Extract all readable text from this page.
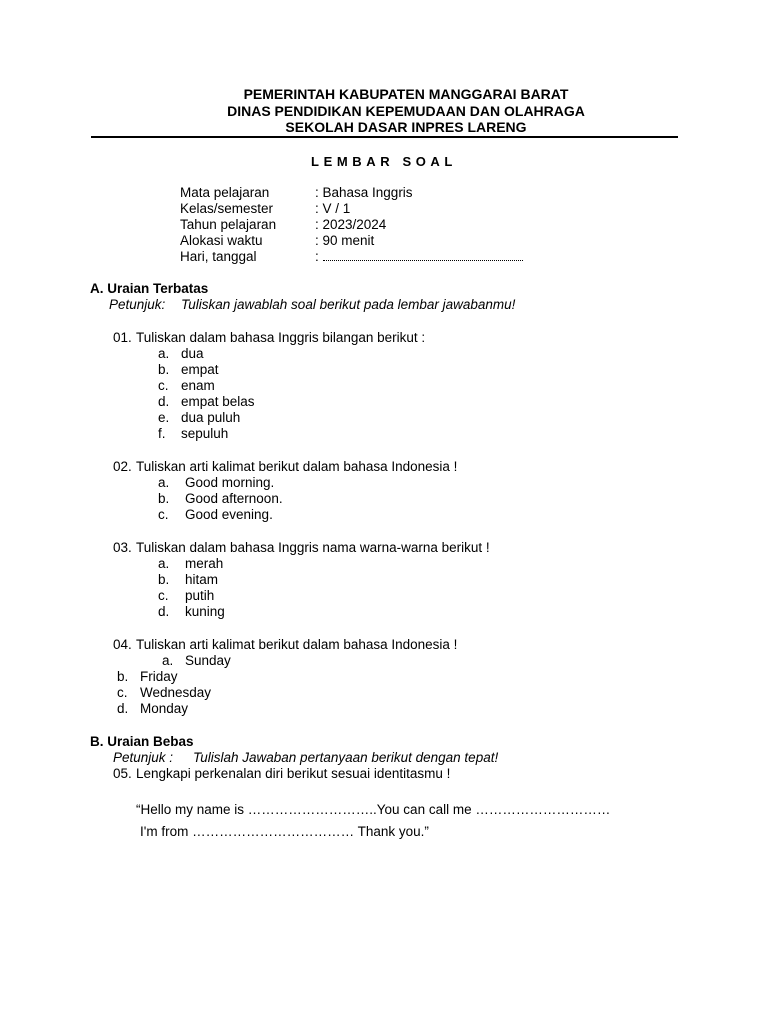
PEMERINTAH KABUPATEN MANGGARAI BARAT
DINAS PENDIDIKAN KEPEMUDAAN DAN OLAHRAGA
SEKOLAH DASAR INPRES LARENG
LEMBAR SOAL
Mata pelajaran	: Bahasa Inggris
Kelas/semester	: V / 1
Tahun pelajaran	: 2023/2024
Alokasi waktu	: 90 menit
Hari, tanggal	:
A. Uraian Terbatas
Petunjuk: Tuliskan jawablah soal berikut pada lembar jawabanmu!
01. Tuliskan dalam bahasa Inggris bilangan berikut :
a. dua
b. empat
c. enam
d. empat belas
e. dua puluh
f. sepuluh
02. Tuliskan arti kalimat berikut dalam bahasa Indonesia !
a. Good morning.
b. Good afternoon.
c. Good evening.
03. Tuliskan dalam bahasa Inggris nama warna-warna berikut !
a. merah
b. hitam
c. putih
d. kuning
04. Tuliskan arti kalimat berikut dalam bahasa Indonesia !
a. Sunday
b. Friday
c. Wednesday
d. Monday
B. Uraian Bebas
Petunjuk : Tulislah Jawaban pertanyaan berikut dengan tepat!
05. Lengkapi perkenalan diri berikut sesuai identitasmu !
“Hello my name is ………………………..You can call me …………………………
I'm from ……………………………… Thank you.”
